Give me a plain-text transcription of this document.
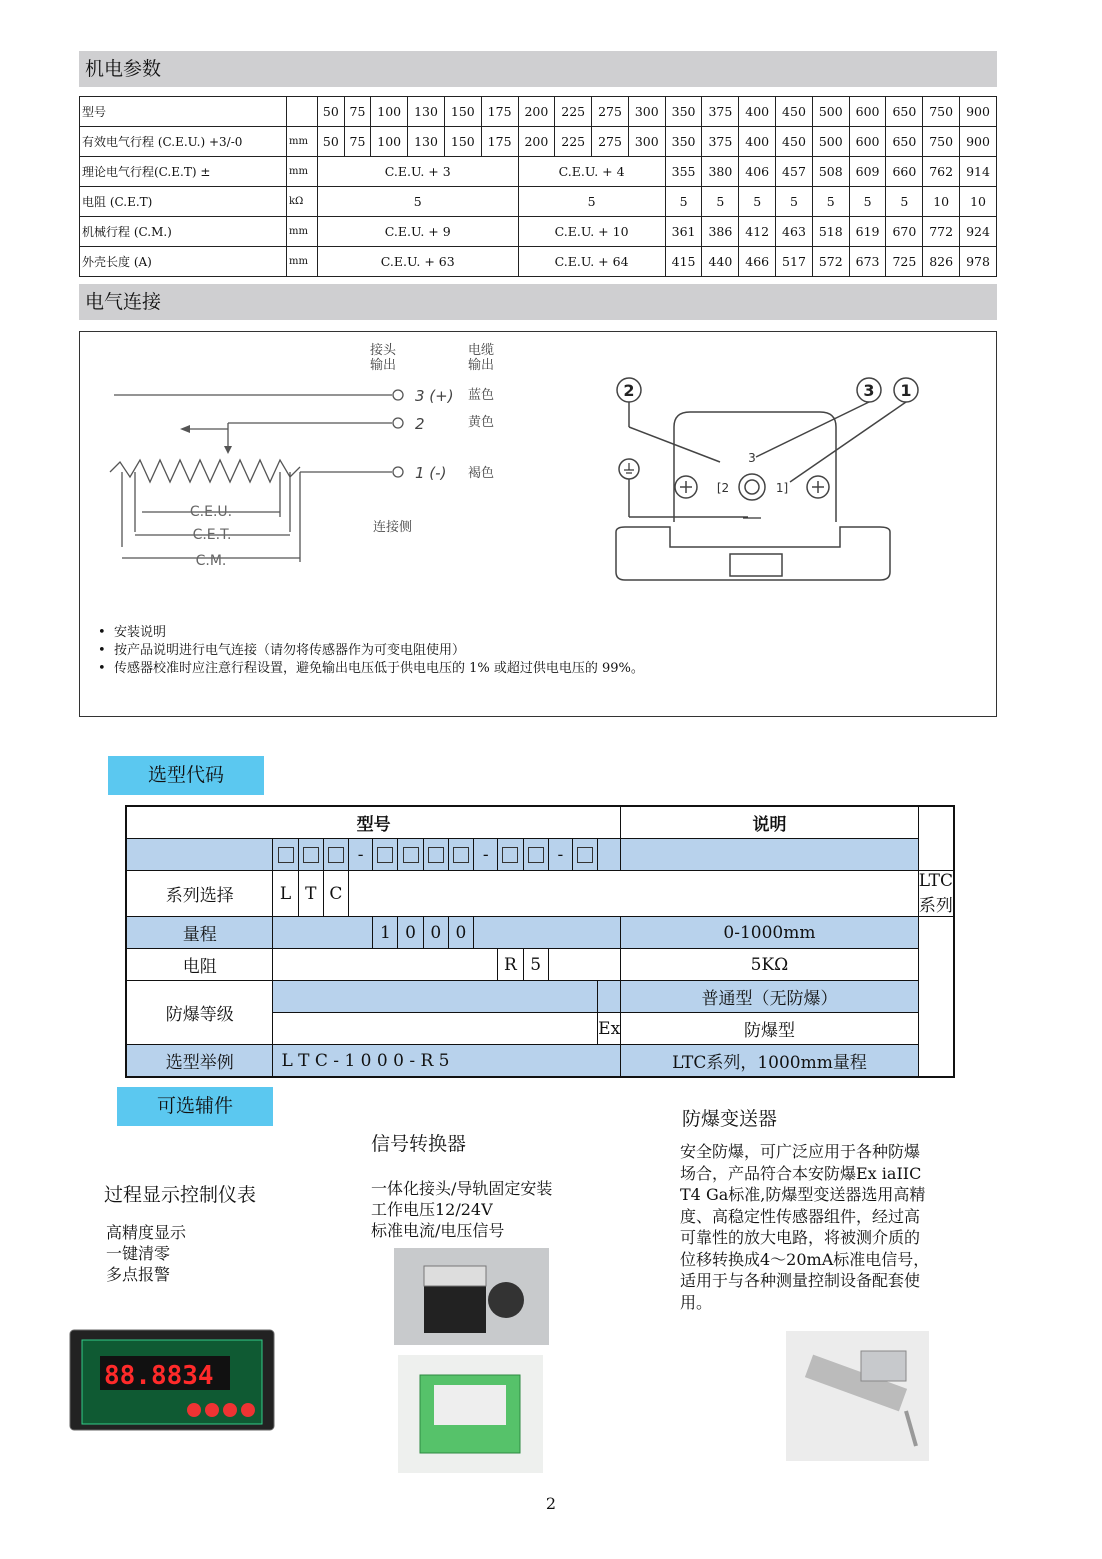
机电参数
型号		50	75	100	130	150	175	200	225	275	300	350	375	400	450	500	600	650	750	900
有效电气行程 (C.E.U.) +3/-0	mm	50	75	100	130	150	175	200	225	275	300	350	375	400	450	500	600	650	750	900
理论电气行程(C.E.T) ±	mm	C.E.U. + 3						C.E.U. + 4				355	380	406	457	508	609	660	762	914
电阻 (C.E.T)	kΩ	5						5				5	5	5	5	5	5	5	10	10
机械行程 (C.M.)	mm	C.E.U. + 9						C.E.U. + 10				361	386	412	463	518	619	670	772	924
外壳长度 (A)	mm	C.E.U. + 63						C.E.U. + 64				415	440	466	517	572	673	725	826	978
电气连接
接头
输出
电缆
输出
3 (+)
2
1 (-)
蓝色
黄色
褐色
连接侧
C.E.U.
C.E.T.
C.M.
2	3 1
[2	1]
3
•  安装说明
•  按产品说明进行电气连接（请勿将传感器作为可变电阻使用）
•  传感器校准时应注意行程设置，避免输出电压低于供电电压的 1% 或超过供电电压的 99%。
选型代码
型号															说明	
				-					-			-				
系列选择	L	T	C													LTC系列
量程					1	0	0	0							0-1000mm	
电阻										R	5				5KΩ	
防爆等级															普通型（无防爆）	
														Ex	防爆型	
选型举例	L T C - 1 0 0 0 - R 5														LTC系列，1000mm量程	
可选辅件
过程显示控制仪表
高精度显示
一键清零
多点报警
88.8834
信号转换器
一体化接头/导轨固定安装
工作电压12/24V
标准电流/电压信号
防爆变送器
安全防爆，可广泛应用于各种防爆场合，产品符合本安防爆Ex iaIIC T4 Ga标准,防爆型变送器选用高精度、高稳定性传感器组件，经过高可靠性的放大电路，将被测介质的位移转换成4～20mA标准电信号，适用于与各种测量控制设备配套使用。
2
